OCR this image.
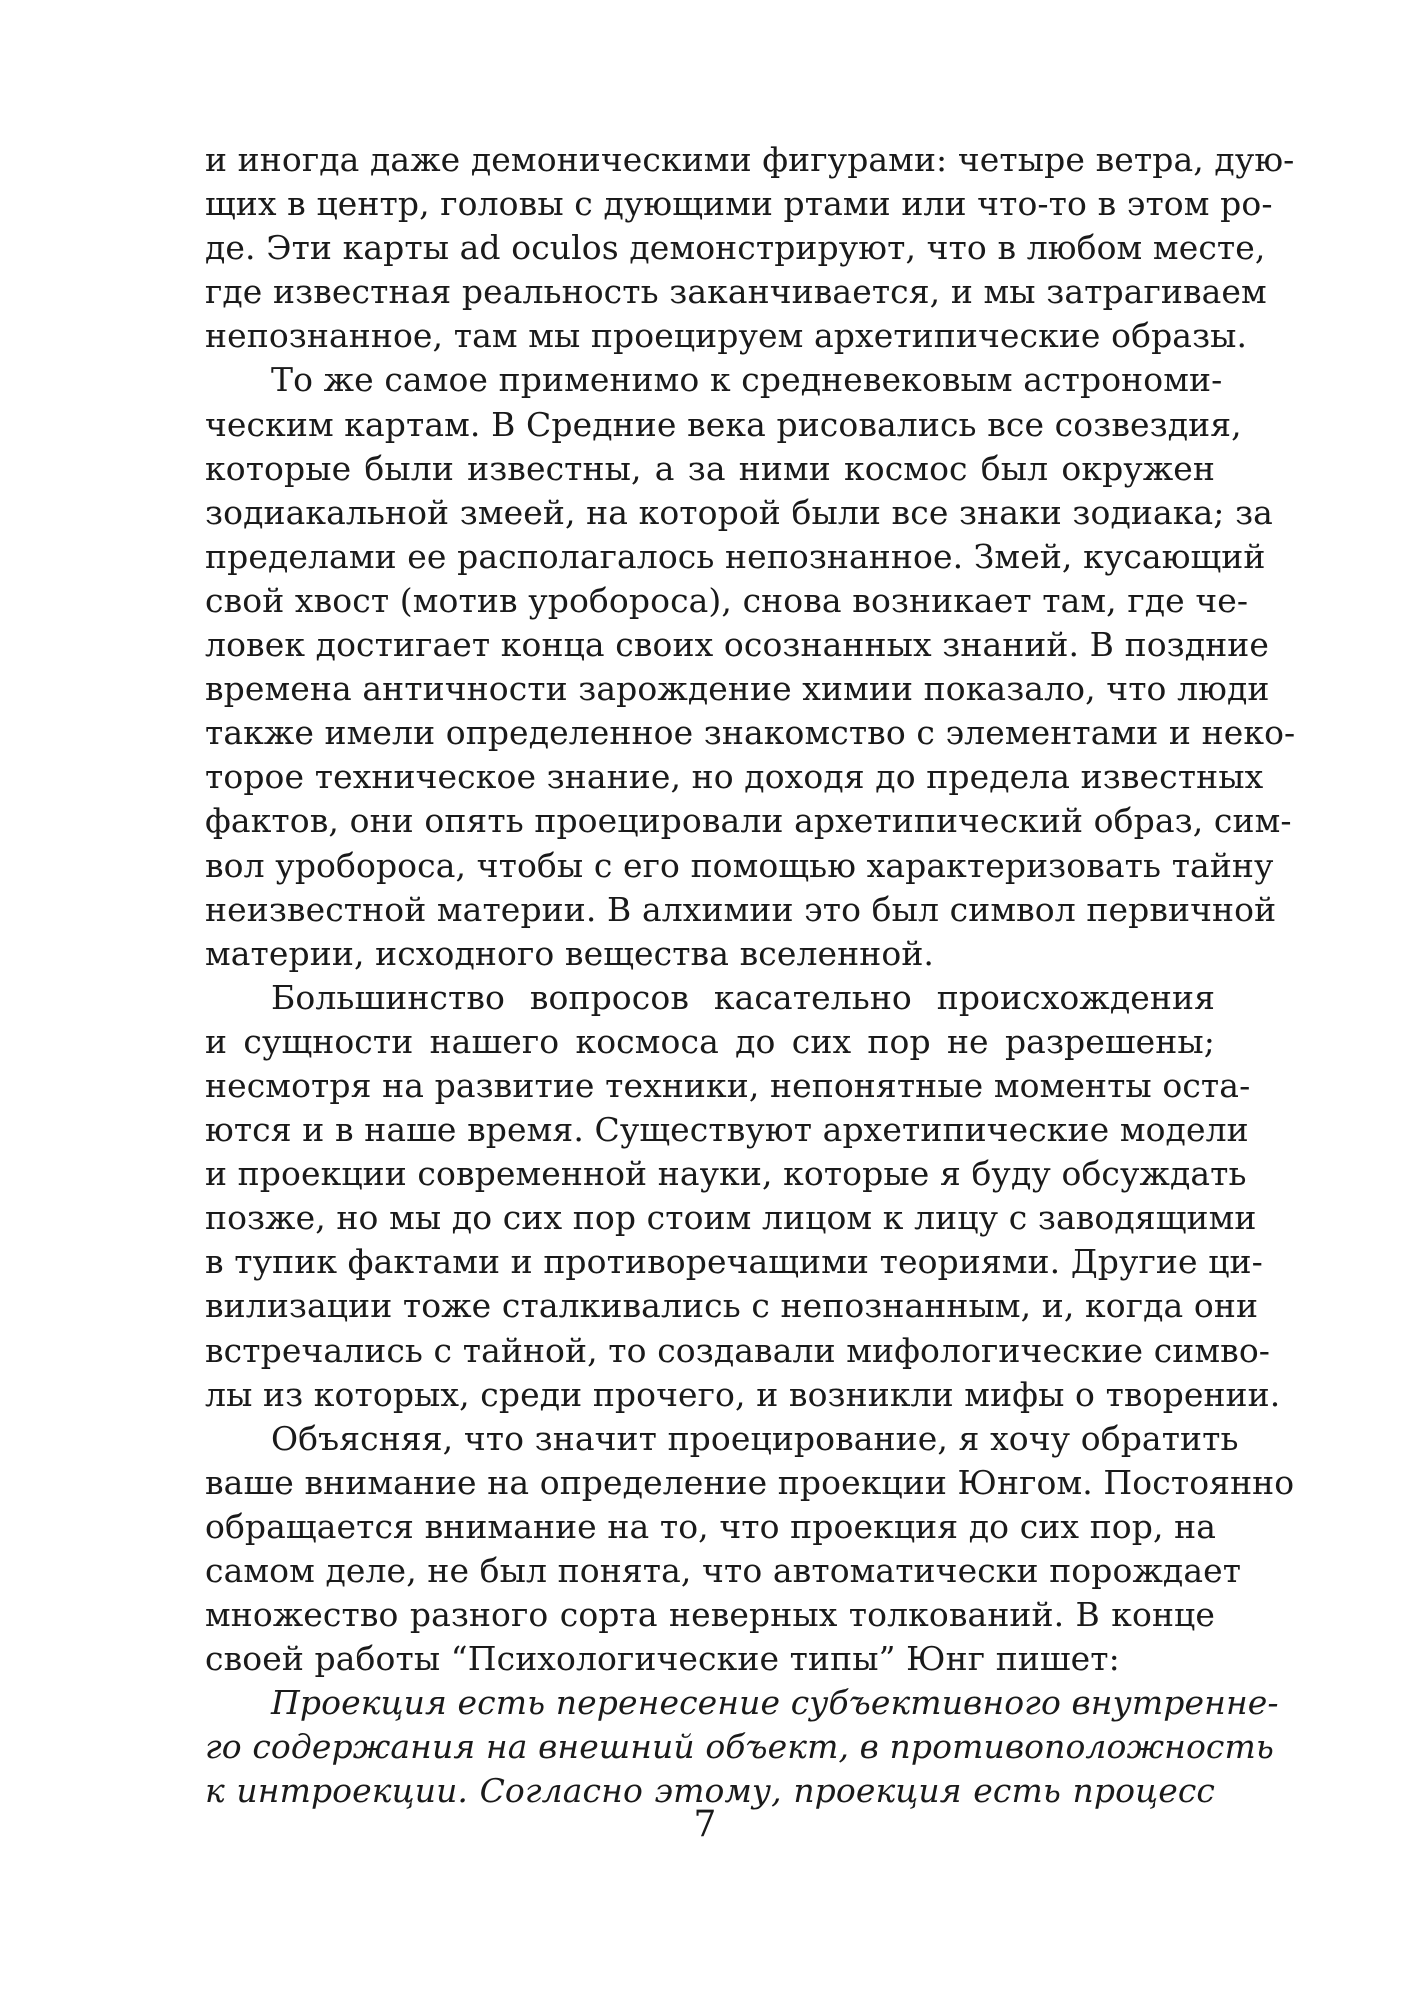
и иногда даже демоническими фигурами: четыре ветра, дую-
щих в центр, головы с дующими ртами или что-то в этом ро-
де. Эти карты ad oculos демонстрируют, что в любом месте,
где известная реальность заканчивается, и мы затрагиваем
непознанное, там мы проецируем архетипические образы.
То же самое применимо к средневековым астрономи-
ческим картам. В Средние века рисовались все созвездия,
которые были известны, а за ними космос был окружен
зодиакальной змеей, на которой были все знаки зодиака; за
пределами ее располагалось непознанное. Змей, кусающий
свой хвост (мотив уробороса), снова возникает там, где че-
ловек достигает конца своих осознанных знаний. В поздние
времена античности зарождение химии показало, что люди
также имели определенное знакомство с элементами и неко-
торое техническое знание, но доходя до предела известных
фактов, они опять проецировали архетипический образ, сим-
вол уробороса, чтобы с его помощью характеризовать тайну
неизвестной материи. В алхимии это был символ первичной
материи, исходного вещества вселенной.
Большинство вопросов касательно происхождения
и сущности нашего космоса до сих пор не разрешены;
несмотря на развитие техники, непонятные моменты оста-
ются и в наше время. Существуют архетипические модели
и проекции современной науки, которые я буду обсуждать
позже, но мы до сих пор стоим лицом к лицу с заводящими
в тупик фактами и противоречащими теориями. Другие ци-
вилизации тоже сталкивались с непознанным, и, когда они
встречались с тайной, то создавали мифологические симво-
лы из которых, среди прочего, и возникли мифы о творении.
Объясняя, что значит проецирование, я хочу обратить
ваше внимание на определение проекции Юнгом. Постоянно
обращается внимание на то, что проекция до сих пор, на
самом деле, не был понята, что автоматически порождает
множество разного сорта неверных толкований. В конце
своей работы “Психологические типы” Юнг пишет:
Проекция есть перенесение субъективного внутренне-
го содержания на внешний объект, в противоположность
к интроекции. Согласно этому, проекция есть процесс
7
